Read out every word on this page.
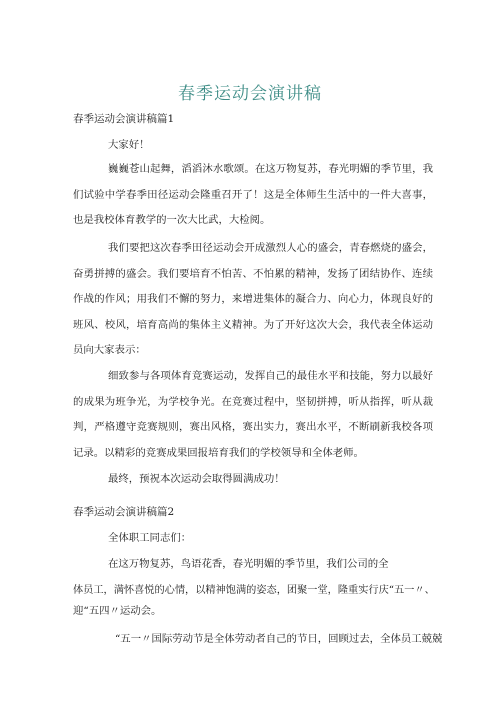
春季运动会演讲稿
春季运动会演讲稿篇1
大家好！

巍巍苍山起舞，滔滔沐水歌颂。在这万物复苏，春光明媚的季节里，我们试验中学春季田径运动会隆重召开了！这是全体师生生活中的一件大喜事，也是我校体育教学的一次大比武，大检阅。

我们要把这次春季田径运动会开成激烈人心的盛会，青春燃烧的盛会，奋勇拼搏的盛会。我们要培育不怕苦、不怕累的精神，发扬了团结协作、连续作战的作风；用我们不懈的努力，来增进集体的凝合力、向心力，体现良好的班风、校风，培育高尚的集体主义精神。为了开好这次大会，我代表全体运动员向大家表示：

细致参与各项体育竞赛运动，发挥自己的最佳水平和技能，努力以最好的成果为班争光，为学校争光。在竞赛过程中，坚韧拼搏，听从指挥，听从裁判，严格遵守竞赛规则，赛出风格，赛出实力，赛出水平，不断刷新我校各项记录。以精彩的竞赛成果回报培育我们的学校领导和全体老师。

最终，预祝本次运动会取得圆满成功！

春季运动会演讲稿篇2
全体职工同志们：
在这万物复苏，鸟语花香，春光明媚的季节里，我们公司的全
体员工，满怀喜悦的心情，以精神饱满的姿态，团聚一堂，隆重实行庆“五一〃、
迎“五四〃运动会。
“五一〃国际劳动节是全体劳动者自己的节日，回顾过去，全体员工兢兢
